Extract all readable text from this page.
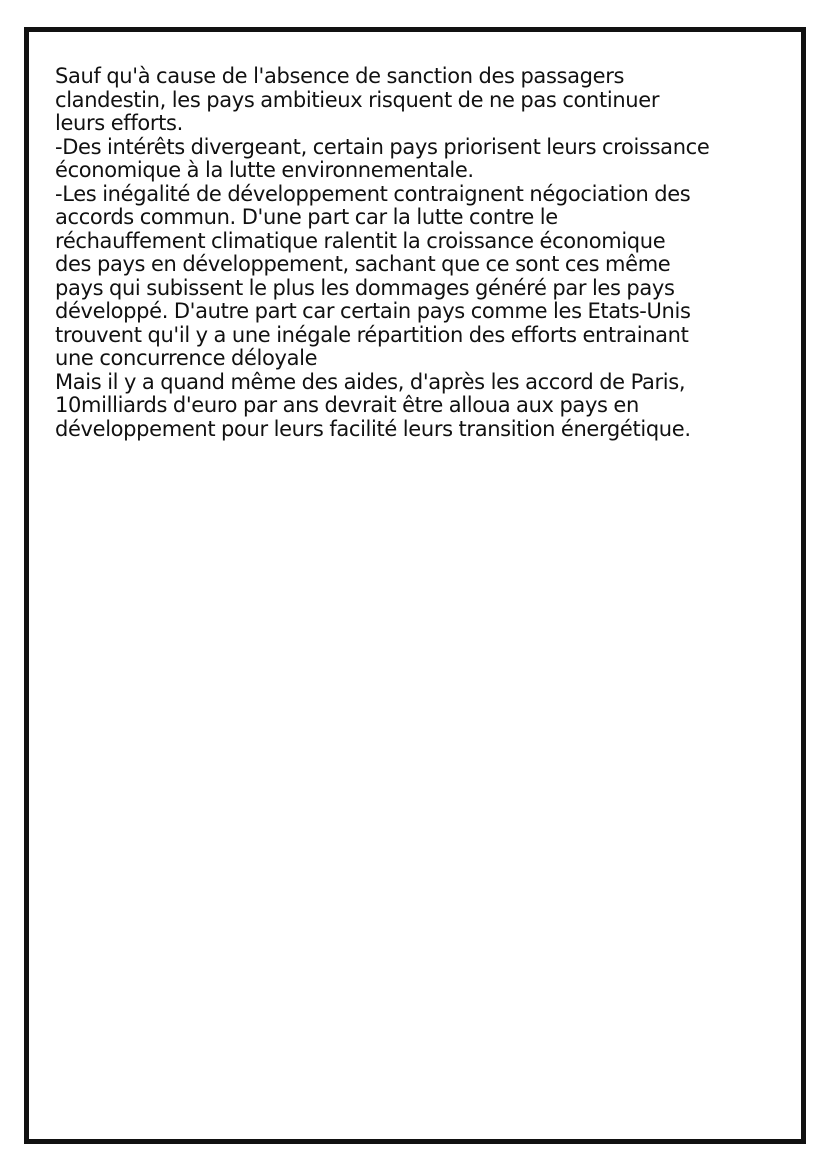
Sauf qu'à cause de l'absence de sanction des passagers
clandestin, les pays ambitieux risquent de ne pas continuer
leurs efforts.
-Des intérêts divergeant, certain pays priorisent leurs croissance
économique à la lutte environnementale.
-Les inégalité de développement contraignent négociation des
accords commun. D'une part car la lutte contre le
réchauffement climatique ralentit la croissance économique
des pays en développement, sachant que ce sont ces même
pays qui subissent le plus les dommages généré par les pays
développé. D'autre part car certain pays comme les Etats-Unis
trouvent qu'il y a une inégale répartition des efforts entrainant
une concurrence déloyale
Mais il y a quand même des aides, d'après les accord de Paris,
10milliards d'euro par ans devrait être alloua aux pays en
développement pour leurs facilité leurs transition énergétique.
